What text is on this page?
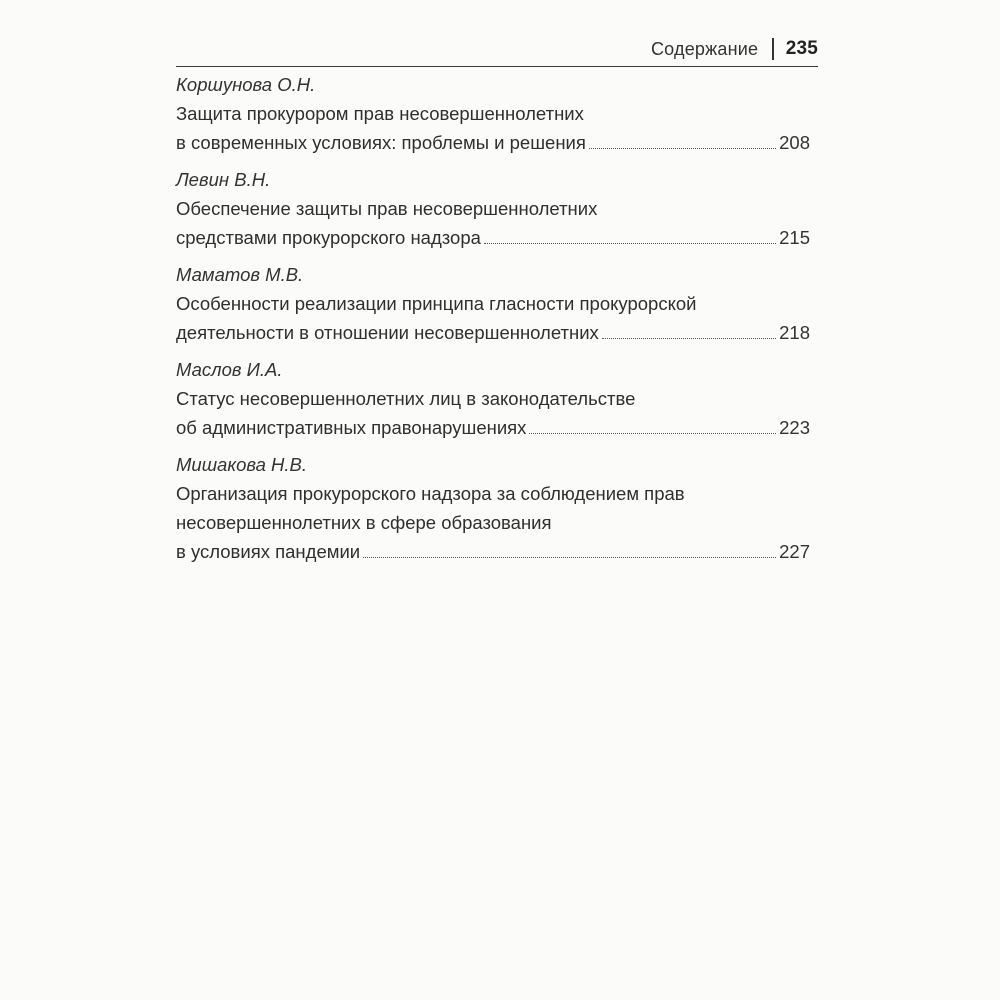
Содержание 235
Коршунова О.Н.
Защита прокурором прав несовершеннолетних
в современных условиях: проблемы и решения	208
Левин В.Н.
Обеспечение защиты прав несовершеннолетних
средствами прокурорского надзора	215
Маматов М.В.
Особенности реализации принципа гласности прокурорской
деятельности в отношении несовершеннолетних	218
Маслов И.А.
Статус несовершеннолетних лиц в законодательстве
об административных правонарушениях	223
Мишакова Н.В.
Организация прокурорского надзора за соблюдением прав
несовершеннолетних в сфере образования
в условиях пандемии	227
